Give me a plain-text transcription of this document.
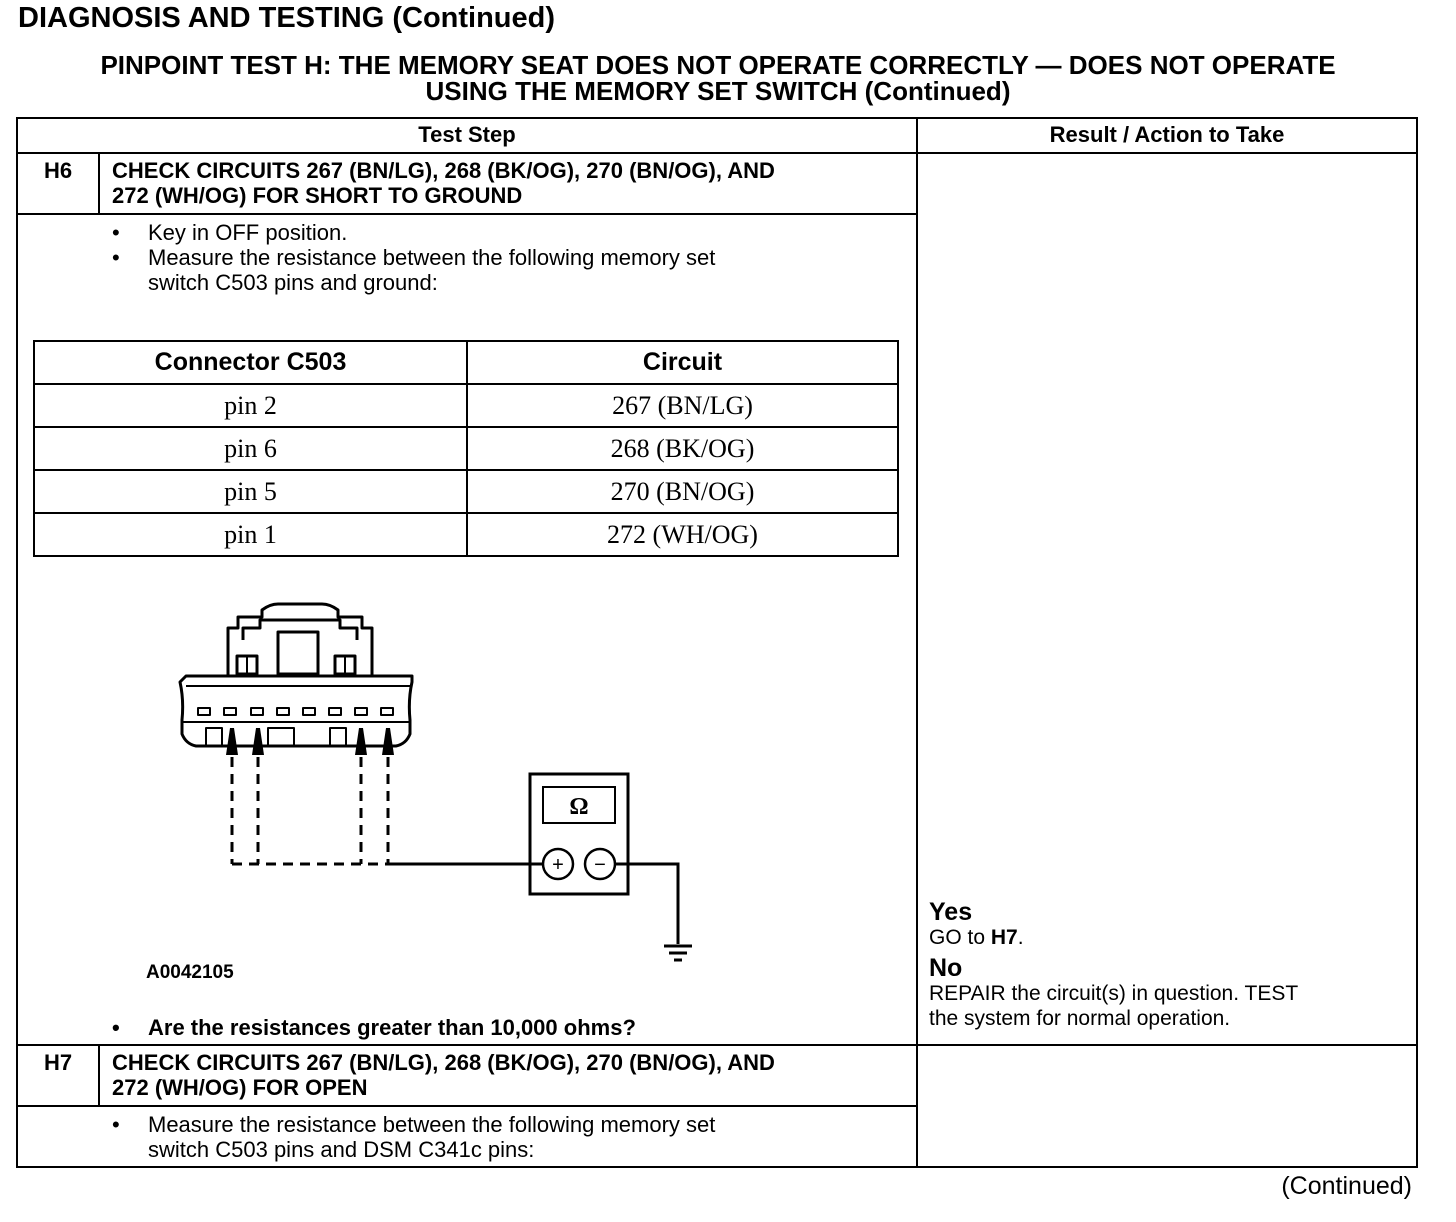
DIAGNOSIS AND TESTING (Continued)
PINPOINT TEST H: THE MEMORY SEAT DOES NOT OPERATE CORRECTLY — DOES NOT OPERATE
USING THE MEMORY SET SWITCH (Continued)
Test Step	Result / Action to Take
H6	CHECK CIRCUITS 267 (BN/LG), 268 (BK/OG), 270 (BN/OG), AND
272 (WH/OG) FOR SHORT TO GROUND
• Key in OFF position.
• Measure the resistance between the following memory set
switch C503 pins and ground:
Connector C503	Circuit
pin 2	267 (BN/LG)
pin 6	268 (BK/OG)
pin 5	270 (BN/OG)
pin 1	272 (WH/OG)
Ω
+ −
A0042105
• Are the resistances greater than 10,000 ohms?
Yes
GO to H7.
No
REPAIR the circuit(s) in question. TEST
the system for normal operation.
H7	CHECK CIRCUITS 267 (BN/LG), 268 (BK/OG), 270 (BN/OG), AND
272 (WH/OG) FOR OPEN
• Measure the resistance between the following memory set
switch C503 pins and DSM C341c pins:
(Continued)
